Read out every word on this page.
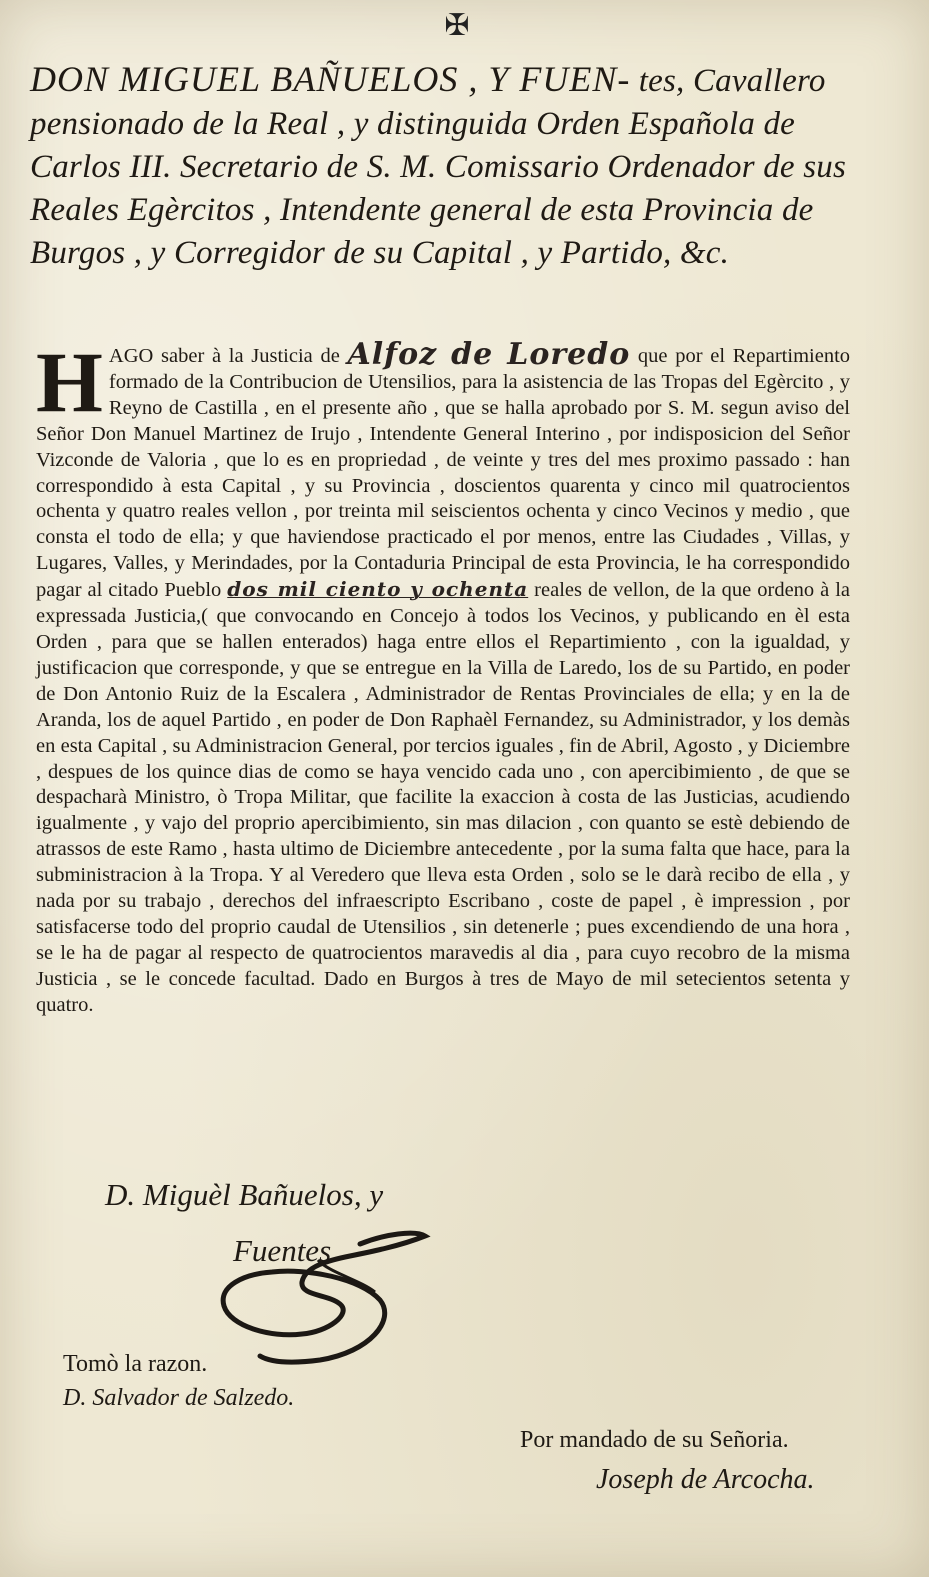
✠
DON MIGUEL BAÑUELOS , Y FUEN- tes, Cavallero pensionado de la Real , y distinguida Orden Española de Carlos III. Secretario de S. M. Comissario Ordenador de sus Reales Egèrcitos , Intendente general de esta Provincia de Burgos , y Corregidor de su Capital , y Partido, &c.
H AGO saber à la Justicia de Alfoz de Loredo que por el Repartimiento formado de la Contribucion de Utensilios, para la asistencia de las Tropas del Egèrcito , y Reyno de Castilla , en el presente año , que se halla aprobado por S. M. segun aviso del Señor Don Manuel Martinez de Irujo , Intendente General Interino , por indisposicion del Señor Vizconde de Valoria , que lo es en propriedad , de veinte y tres del mes proximo passado : han correspondido à esta Capital , y su Provincia , doscientos quarenta y cinco mil quatrocientos ochenta y quatro reales vellon , por treinta mil seiscientos ochenta y cinco Vecinos y medio , que consta el todo de ella; y que haviendose practicado el por menos, entre las Ciudades , Villas, y Lugares, Valles, y Merindades, por la Contaduria Principal de esta Provincia, le ha correspondido pagar al citado Pueblo dos mil ciento y ochenta reales de vellon, de la que ordeno à la expressada Justicia,( que convocando en Concejo à todos los Vecinos, y publicando en èl esta Orden , para que se hallen enterados) haga entre ellos el Repartimiento , con la igualdad, y justificacion que corresponde, y que se entregue en la Villa de Laredo, los de su Partido, en poder de Don Antonio Ruiz de la Escalera , Administrador de Rentas Provinciales de ella; y en la de Aranda, los de aquel Partido , en poder de Don Raphaèl Fernandez, su Administrador, y los demàs en esta Capital , su Administracion General, por tercios iguales , fin de Abril, Agosto , y Diciembre , despues de los quince dias de como se haya vencido cada uno , con apercibimiento , de que se despacharà Ministro, ò Tropa Militar, que facilite la exaccion à costa de las Justicias, acudiendo igualmente , y vajo del proprio apercibimiento, sin mas dilacion , con quanto se estè debiendo de atrassos de este Ramo , hasta ultimo de Diciembre antecedente , por la suma falta que hace, para la subministracion à la Tropa. Y al Veredero que lleva esta Orden , solo se le darà recibo de ella , y nada por su trabajo , derechos del infraescripto Escribano , coste de papel , è impression , por satisfacerse todo del proprio caudal de Utensilios , sin detenerle ; pues excendiendo de una hora , se le ha de pagar al respecto de quatrocientos maravedis al dia , para cuyo recobro de la misma Justicia , se le concede facultad. Dado en Burgos à tres de Mayo de mil setecientos setenta y quatro.
D. Miguèl Bañuelos, y
Fuentes.
Tomò la razon.
D. Salvador de Salzedo.
Por mandado de su Señoria.
Joseph de Arcocha.
